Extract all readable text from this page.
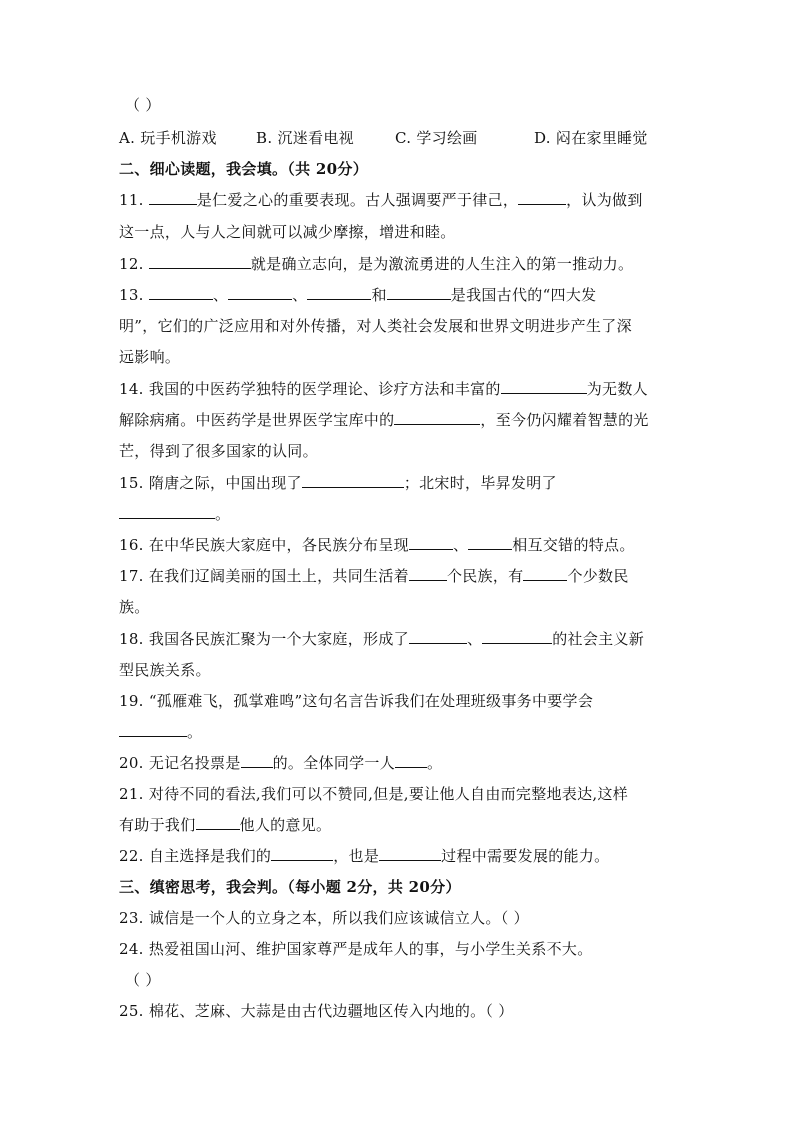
（ ）
A. 玩手机游戏	B. 沉迷看电视	C. 学习绘画	D. 闷在家里睡觉
二、细心读题，我会填。（共 20分）
11.	是仁爱之心的重要表现。古人强调要严于律己，	，认为做到
这一点，人与人之间就可以减少摩擦，增进和睦。
12.	就是确立志向，是为激流勇进的人生注入的第一推动力。
13.	、	、	和	是我国古代的“四大发
明”，它们的广泛应用和对外传播，对人类社会发展和世界文明进步产生了深
远影响。
14. 我国的中医药学独特的医学理论、诊疗方法和丰富的	为无数人
解除病痛。中医药学是世界医学宝库中的	，至今仍闪耀着智慧的光
芒，得到了很多国家的认同。
15. 隋唐之际，中国出现了	；北宋时，毕昇发明了
。
16. 在中华民族大家庭中，各民族分布呈现	、	相互交错的特点。
17. 在我们辽阔美丽的国土上，共同生活着	个民族，有	个少数民
族。
18. 我国各民族汇聚为一个大家庭，形成了	、	的社会主义新
型民族关系。
19. “孤雁难飞，孤掌难鸣”这句名言告诉我们在处理班级事务中要学会
。
20. 无记名投票是 的。全体同学一人 。
21. 对待不同的看法,我们可以不赞同,但是,要让他人自由而完整地表达,这样
有助于我们	他人的意见。
22. 自主选择是我们的	，也是	过程中需要发展的能力。
三、缜密思考，我会判。（每小题 2分，共 20分）
23. 诚信是一个人的立身之本，所以我们应该诚信立人。（ ）
24. 热爱祖国山河、维护国家尊严是成年人的事，与小学生关系不大。
（ ）
25. 棉花、芝麻、大蒜是由古代边疆地区传入内地的。（ ）
